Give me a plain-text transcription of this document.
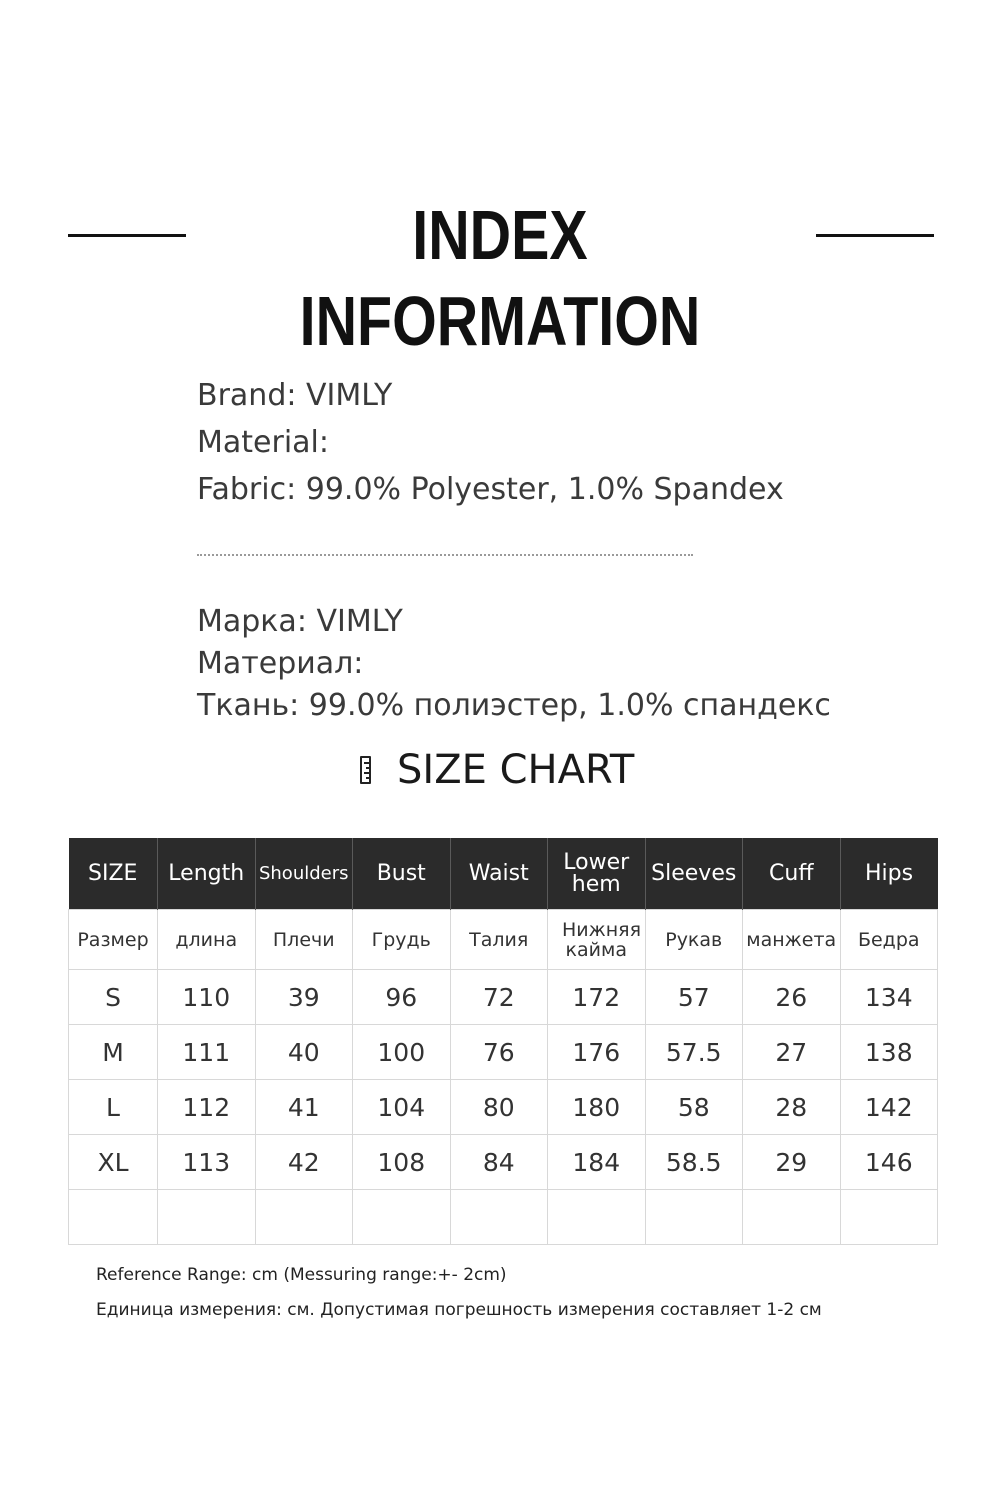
INDEX INFORMATION
Brand: VIMLY
Material:
Fabric: 99.0% Polyester, 1.0% Spandex
Марка: VIMLY
Материал:
Ткань: 99.0% полиэстер, 1.0% спандекс
SIZE CHART
SIZE	Length	Shoulders	Bust	Waist	Lower hem	Sleeves	Cuff	Hips
Размер	длина	Плечи	Грудь	Талия	Нижняя кайма	Рукав	манжета	Бедра
S	110	39	96	72	172	57	26	134
M	111	40	100	76	176	57.5	27	138
L	112	41	104	80	180	58	28	142
XL	113	42	108	84	184	58.5	29	146

Reference Range: cm (Messuring range:+- 2cm)
Единица измерения: см. Допустимая погрешность измерения составляет 1-2 см
